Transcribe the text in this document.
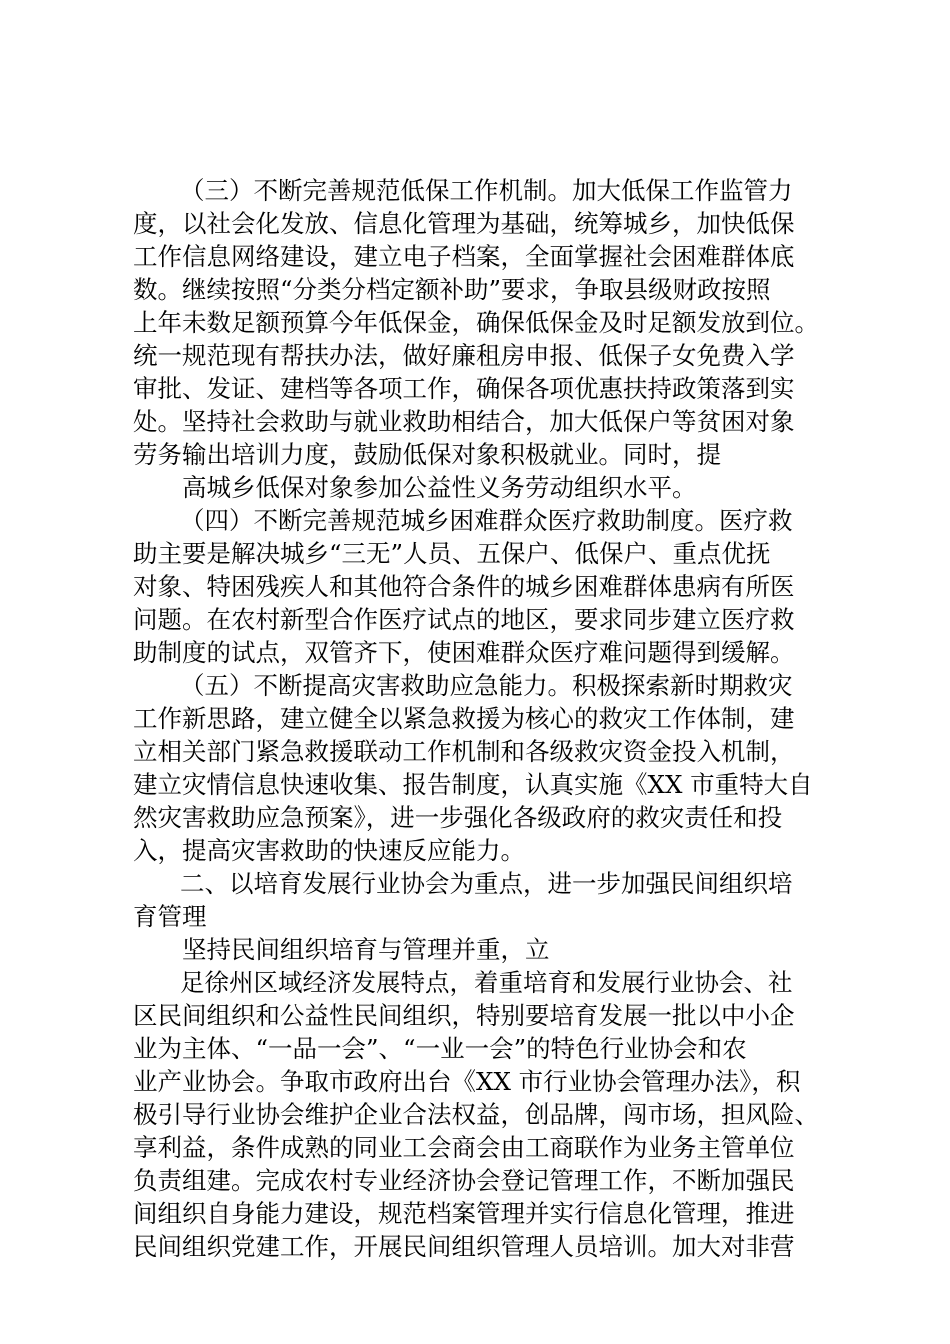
（三）不断完善规范低保工作机制。加大低保工作监管力
度，以社会化发放、信息化管理为基础，统筹城乡，加快低保
工作信息网络建设，建立电子档案，全面掌握社会困难群体底
数。继续按照“分类分档定额补助”要求，争取县级财政按照
上年未数足额预算今年低保金，确保低保金及时足额发放到位。
统一规范现有帮扶办法，做好廉租房申报、低保子女免费入学
审批、发证、建档等各项工作，确保各项优惠扶持政策落到实
处。坚持社会救助与就业救助相结合，加大低保户等贫困对象
劳务输出培训力度，鼓励低保对象积极就业。同时，提
高城乡低保对象参加公益性义务劳动组织水平。
（四）不断完善规范城乡困难群众医疗救助制度。医疗救
助主要是解决城乡“三无”人员、五保户、低保户、重点优抚
对象、特困残疾人和其他符合条件的城乡困难群体患病有所医
问题。在农村新型合作医疗试点的地区，要求同步建立医疗救
助制度的试点，双管齐下，使困难群众医疗难问题得到缓解。
（五）不断提高灾害救助应急能力。积极探索新时期救灾
工作新思路，建立健全以紧急救援为核心的救灾工作体制，建
立相关部门紧急救援联动工作机制和各级救灾资金投入机制，
建立灾情信息快速收集、报告制度，认真实施《XX 市重特大自
然灾害救助应急预案》，进一步强化各级政府的救灾责任和投
入，提高灾害救助的快速反应能力。
二、以培育发展行业协会为重点，进一步加强民间组织培
育管理
坚持民间组织培育与管理并重，立
足徐州区域经济发展特点，着重培育和发展行业协会、社
区民间组织和公益性民间组织，特别要培育发展一批以中小企
业为主体、“一品一会”、“一业一会”的特色行业协会和农
业产业协会。争取市政府出台《XX 市行业协会管理办法》，积
极引导行业协会维护企业合法权益，创品牌，闯市场，担风险、
享利益，条件成熟的同业工会商会由工商联作为业务主管单位
负责组建。完成农村专业经济协会登记管理工作，不断加强民
间组织自身能力建设，规范档案管理并实行信息化管理，推进
民间组织党建工作，开展民间组织管理人员培训。加大对非营
